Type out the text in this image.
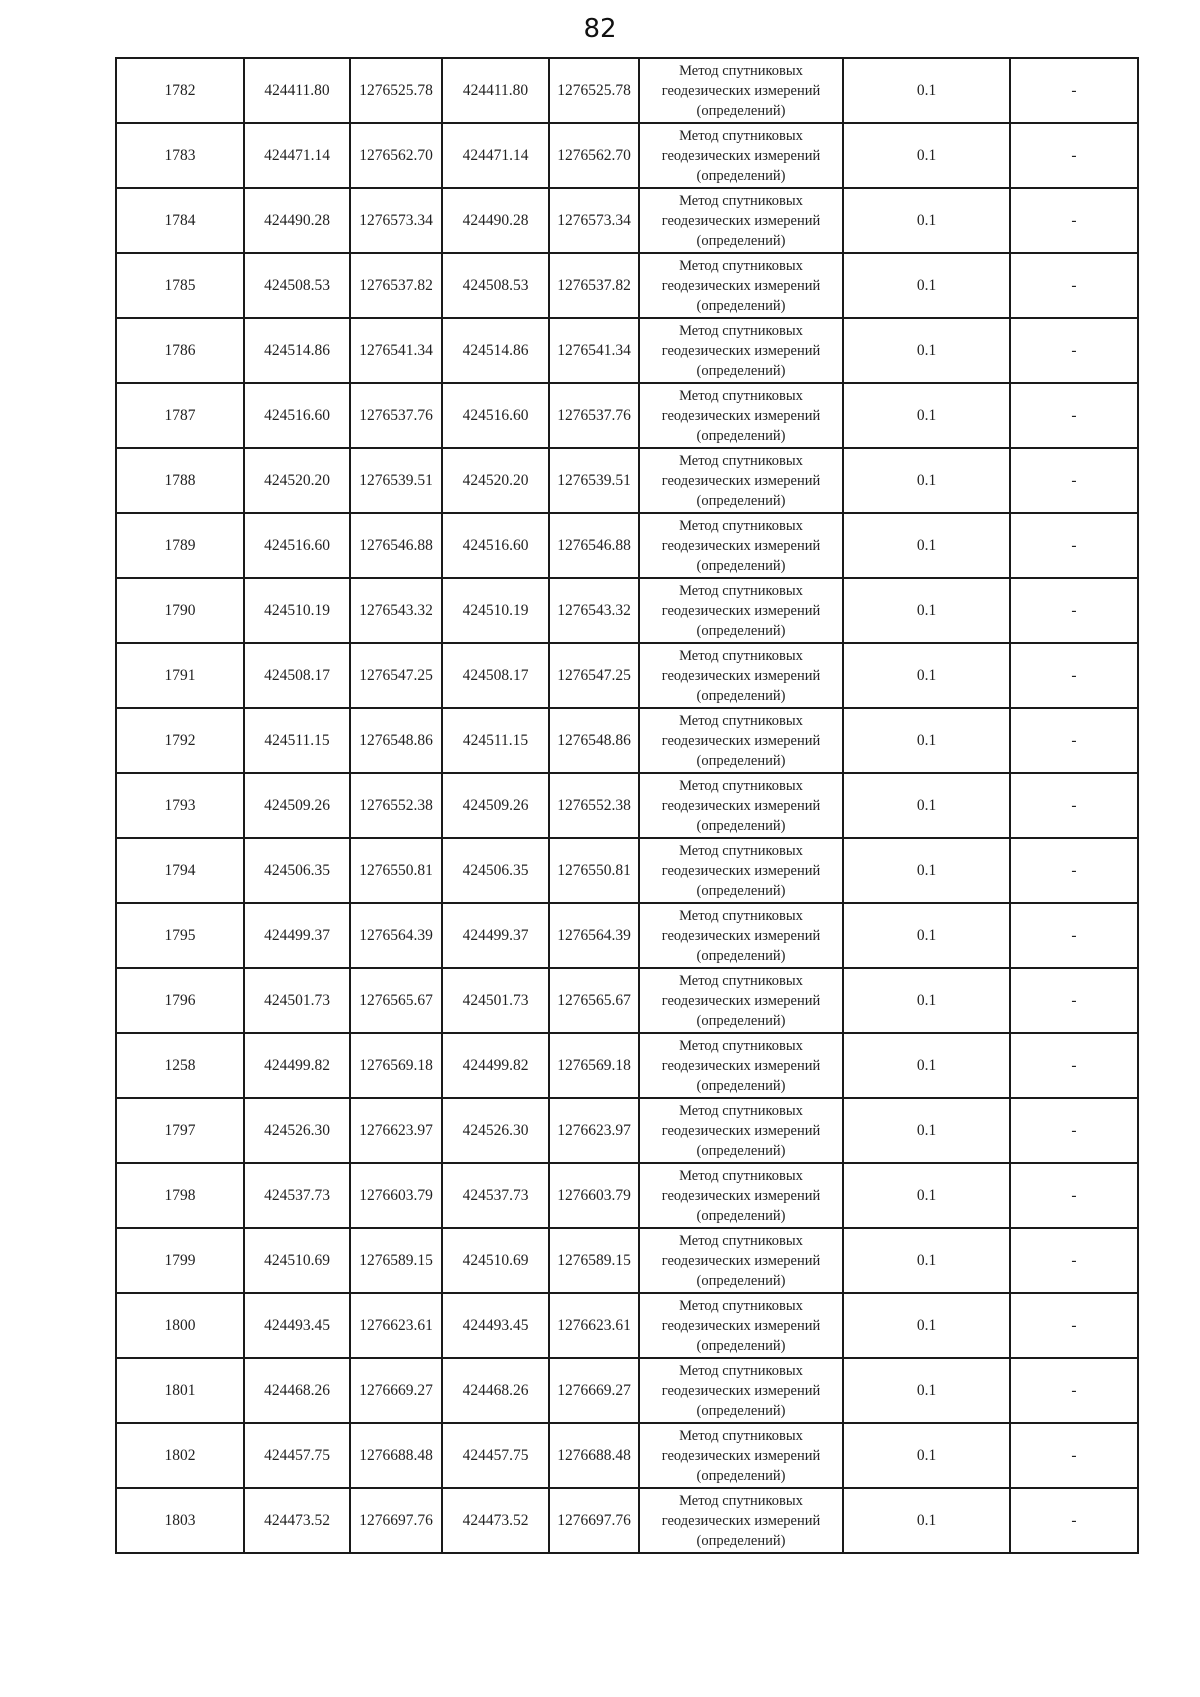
82
1782	424411.80	1276525.78	424411.80	1276525.78	Метод спутниковых
геодезических измерений
(определений)	0.1	-
1783	424471.14	1276562.70	424471.14	1276562.70	Метод спутниковых
геодезических измерений
(определений)	0.1	-
1784	424490.28	1276573.34	424490.28	1276573.34	Метод спутниковых
геодезических измерений
(определений)	0.1	-
1785	424508.53	1276537.82	424508.53	1276537.82	Метод спутниковых
геодезических измерений
(определений)	0.1	-
1786	424514.86	1276541.34	424514.86	1276541.34	Метод спутниковых
геодезических измерений
(определений)	0.1	-
1787	424516.60	1276537.76	424516.60	1276537.76	Метод спутниковых
геодезических измерений
(определений)	0.1	-
1788	424520.20	1276539.51	424520.20	1276539.51	Метод спутниковых
геодезических измерений
(определений)	0.1	-
1789	424516.60	1276546.88	424516.60	1276546.88	Метод спутниковых
геодезических измерений
(определений)	0.1	-
1790	424510.19	1276543.32	424510.19	1276543.32	Метод спутниковых
геодезических измерений
(определений)	0.1	-
1791	424508.17	1276547.25	424508.17	1276547.25	Метод спутниковых
геодезических измерений
(определений)	0.1	-
1792	424511.15	1276548.86	424511.15	1276548.86	Метод спутниковых
геодезических измерений
(определений)	0.1	-
1793	424509.26	1276552.38	424509.26	1276552.38	Метод спутниковых
геодезических измерений
(определений)	0.1	-
1794	424506.35	1276550.81	424506.35	1276550.81	Метод спутниковых
геодезических измерений
(определений)	0.1	-
1795	424499.37	1276564.39	424499.37	1276564.39	Метод спутниковых
геодезических измерений
(определений)	0.1	-
1796	424501.73	1276565.67	424501.73	1276565.67	Метод спутниковых
геодезических измерений
(определений)	0.1	-
1258	424499.82	1276569.18	424499.82	1276569.18	Метод спутниковых
геодезических измерений
(определений)	0.1	-
1797	424526.30	1276623.97	424526.30	1276623.97	Метод спутниковых
геодезических измерений
(определений)	0.1	-
1798	424537.73	1276603.79	424537.73	1276603.79	Метод спутниковых
геодезических измерений
(определений)	0.1	-
1799	424510.69	1276589.15	424510.69	1276589.15	Метод спутниковых
геодезических измерений
(определений)	0.1	-
1800	424493.45	1276623.61	424493.45	1276623.61	Метод спутниковых
геодезических измерений
(определений)	0.1	-
1801	424468.26	1276669.27	424468.26	1276669.27	Метод спутниковых
геодезических измерений
(определений)	0.1	-
1802	424457.75	1276688.48	424457.75	1276688.48	Метод спутниковых
геодезических измерений
(определений)	0.1	-
1803	424473.52	1276697.76	424473.52	1276697.76	Метод спутниковых
геодезических измерений
(определений)	0.1	-
